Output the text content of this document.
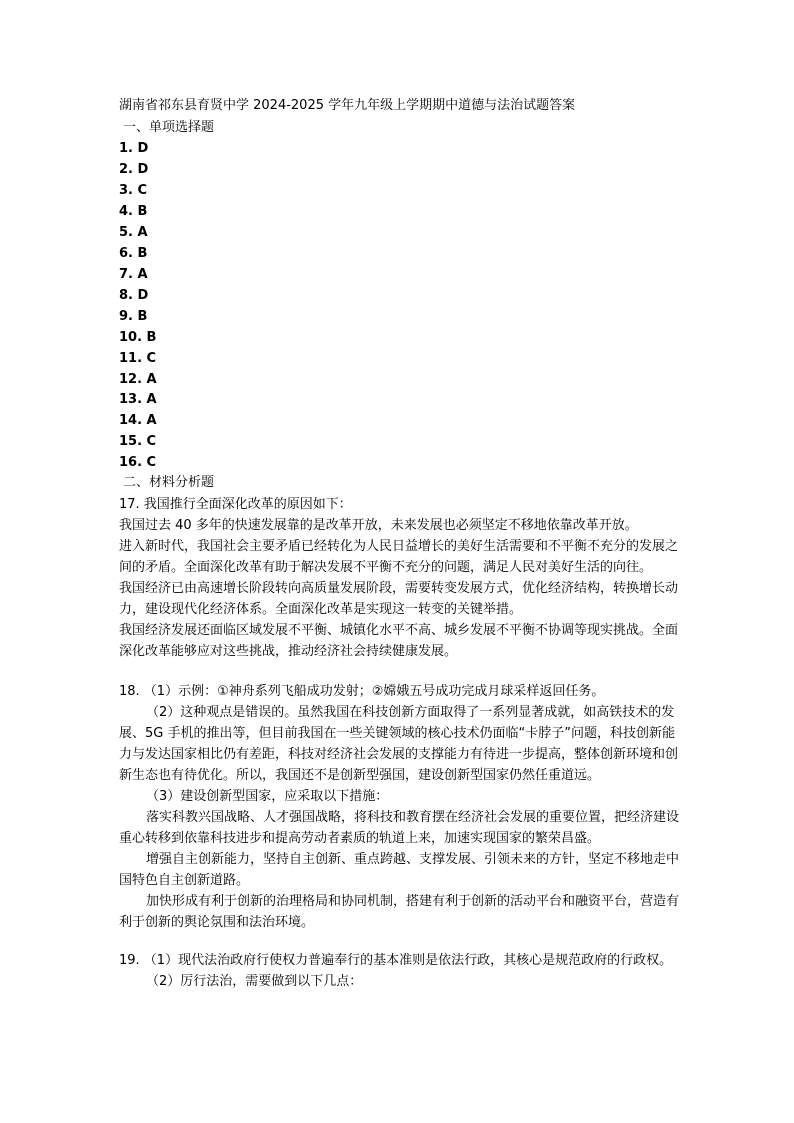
湖南省祁东县育贤中学 2024-2025 学年九年级上学期期中道德与法治试题答案
一、单项选择题
1. D
2. D
3. C
4. B
5. A
6. B
7. A
8. D
9. B
10. B
11. C
12. A
13. A
14. A
15. C
16. C
二、材料分析题

17. 我国推行全面深化改革的原因如下：

我国过去 40 多年的快速发展靠的是改革开放，未来发展也必须坚定不移地依靠改革开放。

进入新时代，我国社会主要矛盾已经转化为人民日益增长的美好生活需要和不平衡不充分的发展之间的矛盾。全面深化改革有助于解决发展不平衡不充分的问题，满足人民对美好生活的向往。

我国经济已由高速增长阶段转向高质量发展阶段，需要转变发展方式，优化经济结构，转换增长动力，建设现代化经济体系。全面深化改革是实现这一转变的关键举措。

我国经济发展还面临区域发展不平衡、城镇化水平不高、城乡发展不平衡不协调等现实挑战。全面深化改革能够应对这些挑战，推动经济社会持续健康发展。

18. （1）示例：①神舟系列飞船成功发射；②嫦娥五号成功完成月球采样返回任务。

（2）这种观点是错误的。虽然我国在科技创新方面取得了一系列显著成就，如高铁技术的发展、5G 手机的推出等，但目前我国在一些关键领域的核心技术仍面临“卡脖子”问题，科技创新能力与发达国家相比仍有差距，科技对经济社会发展的支撑能力有待进一步提高，整体创新环境和创新生态也有待优化。所以，我国还不是创新型强国，建设创新型国家仍然任重道远。

（3）建设创新型国家，应采取以下措施：

落实科教兴国战略、人才强国战略，将科技和教育摆在经济社会发展的重要位置，把经济建设重心转移到依靠科技进步和提高劳动者素质的轨道上来，加速实现国家的繁荣昌盛。

增强自主创新能力，坚持自主创新、重点跨越、支撑发展、引领未来的方针，坚定不移地走中国特色自主创新道路。

加快形成有利于创新的治理格局和协同机制，搭建有利于创新的活动平台和融资平台，营造有利于创新的舆论氛围和法治环境。

19. （1）现代法治政府行使权力普遍奉行的基本准则是依法行政，其核心是规范政府的行政权。

（2）厉行法治，需要做到以下几点：
